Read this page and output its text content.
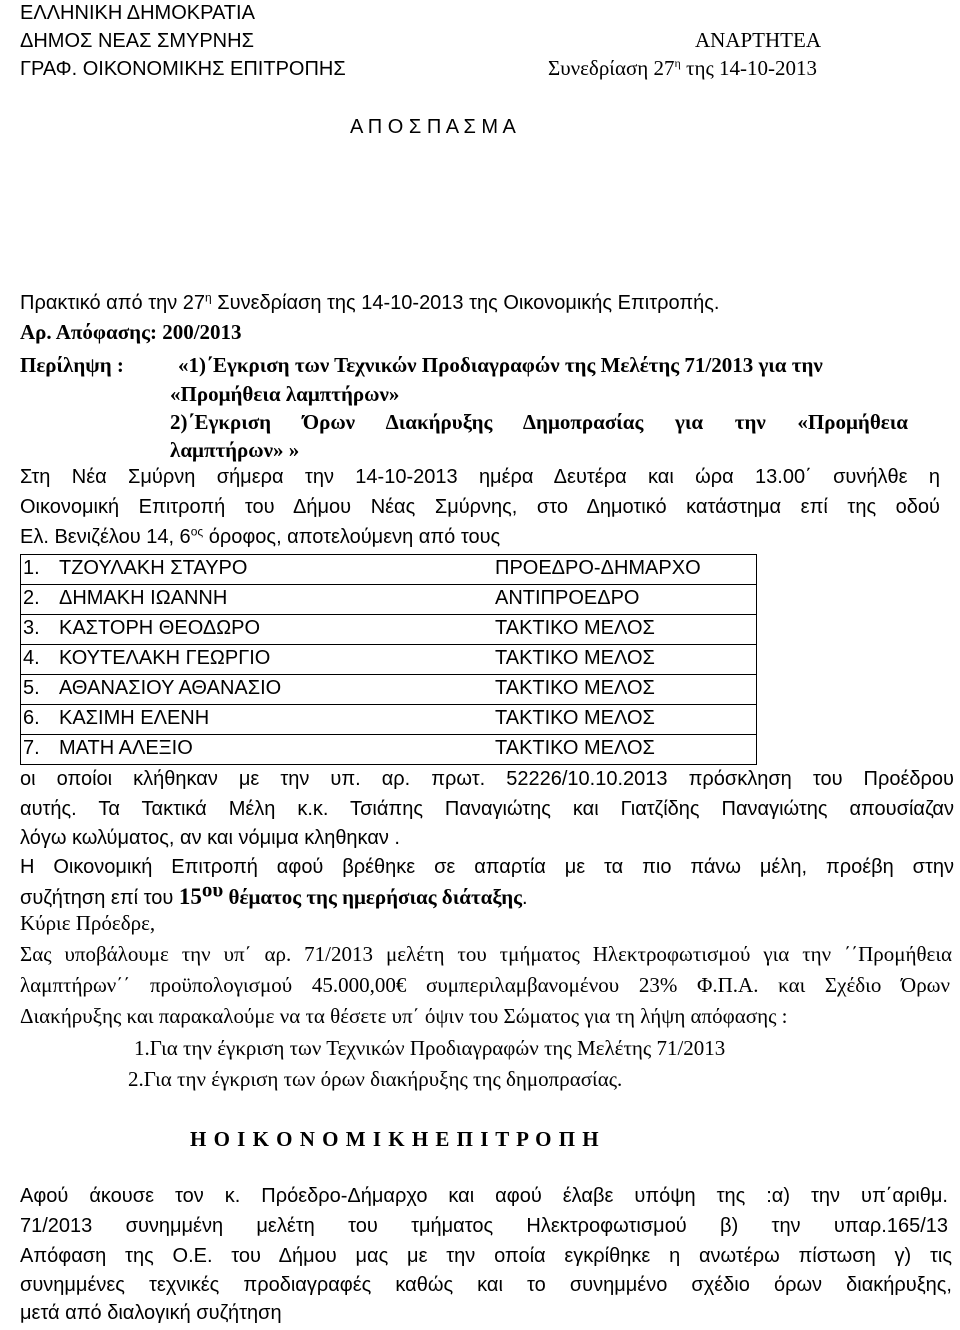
ΕΛΛΗΝΙΚΗ ΔΗΜΟΚΡΑΤΙΑ
ΔΗΜΟΣ ΝΕΑΣ ΣΜΥΡΝΗΣ	ΑΝΑΡΤΗΤΕΑ
ΓΡΑΦ. ΟΙΚΟΝΟΜΙΚΗΣ ΕΠΙΤΡΟΠΗΣ	Συνεδρίαση $27^\eta$ της 14-10-2013
Α Π Ο Σ Π Α Σ Μ Α
Πρακτικό από την $27^\eta$ Συνεδρίαση της 14-10-2013 της Οικονομικής Επιτροπής.
Αρ. Απόφασης: 200/2013
Περίληψη :	«1)΄Εγκριση των Τεχνικών Προδιαγραφών της Μελέτης 71/2013 για την
«Προμήθεια λαμπτήρων»
2)΄Εγκριση Όρων Διακήρυξης Δημοπρασίας για την «Προμήθεια
λαμπτήρων» »
Στη Νέα Σμύρνη σήμερα την 14-10-2013 ημέρα Δευτέρα και ώρα 13.00΄ συνήλθε η
Οικονομική Επιτροπή του Δήμου Νέας Σμύρνης, στο Δημοτικό κατάστημα επί της οδού
Ελ. Βενιζέλου 14, $6^{o\varsigma}$ όροφος, αποτελούμενη από τους
1. ΤΖΟΥΛΑΚΗ ΣΤΑΥΡΟ	ΠΡΟΕΔΡΟ-ΔΗΜΑΡΧΟ
2. ΔΗΜΑΚΗ ΙΩΑΝΝΗ	ΑΝΤΙΠΡΟΕΔΡΟ
3. ΚΑΣΤΟΡΗ ΘΕΟΔΩΡΟ	ΤΑΚΤΙΚΟ ΜΕΛΟΣ
4. ΚΟΥΤΕΛΑΚΗ ΓΕΩΡΓΙΟ	ΤΑΚΤΙΚΟ ΜΕΛΟΣ
5. ΑΘΑΝΑΣΙΟΥ ΑΘΑΝΑΣΙΟ	ΤΑΚΤΙΚΟ ΜΕΛΟΣ
6. ΚΑΣΙΜΗ ΕΛΕΝΗ	ΤΑΚΤΙΚΟ ΜΕΛΟΣ
7. ΜΑΤΗ ΑΛΕΞΙΟ	ΤΑΚΤΙΚΟ ΜΕΛΟΣ
οι οποίοι κλήθηκαν με την υπ. αρ. πρωτ. 52226/10.10.2013 πρόσκληση του Προέδρου
αυτής. Τα Τακτικά Μέλη κ.κ. Τσιάπης Παναγιώτης και Γιατζίδης Παναγιώτης απουσίαζαν
λόγω κωλύματος, αν και νόμιμα κληθηκαν .
Η Οικονομική Επιτροπή αφού βρέθηκε σε απαρτία με τα πιο πάνω μέλη, προέβη στην
συζήτηση επί του $15^{o\upsilon}$ θέματος της ημερήσιας διάταξης.
Κύριε Πρόεδρε,
Σας υποβάλουμε την υπ΄ αρ. 71/2013 μελέτη του τμήματος Ηλεκτροφωτισμού για την ΄΄Προμήθεια
λαμπτήρων΄΄ προϋπολογισμού 45.000,00€ συμπεριλαμβανομένου 23% Φ.Π.Α. και Σχέδιο Όρων
Διακήρυξης και παρακαλούμε να τα θέσετε υπ΄ όψιν του Σώματος για τη λήψη απόφασης :
1.Για την έγκριση των Τεχνικών Προδιαγραφών της Μελέτης 71/2013
2.Για την έγκριση των όρων διακήρυξης της δημοπρασίας.
Η Ο Ι Κ Ο Ν Ο Μ Ι Κ Η Ε Π Ι Τ Ρ Ο Π Η
Αφού άκουσε τον κ. Πρόεδρο-Δήμαρχο και αφού έλαβε υπόψη της :α) την υπ΄αριθμ.
71/2013 συνημμένη μελέτη του τμήματος Ηλεκτροφωτισμού β) την υπαρ.165/13
Απόφαση της Ο.Ε. του Δήμου μας με την οποία εγκρίθηκε η ανωτέρω πίστωση γ) τις
συνημμένες τεχνικές προδιαγραφές καθώς και το συνημμένο σχέδιο όρων διακήρυξης,
μετά από διαλογική συζήτηση
